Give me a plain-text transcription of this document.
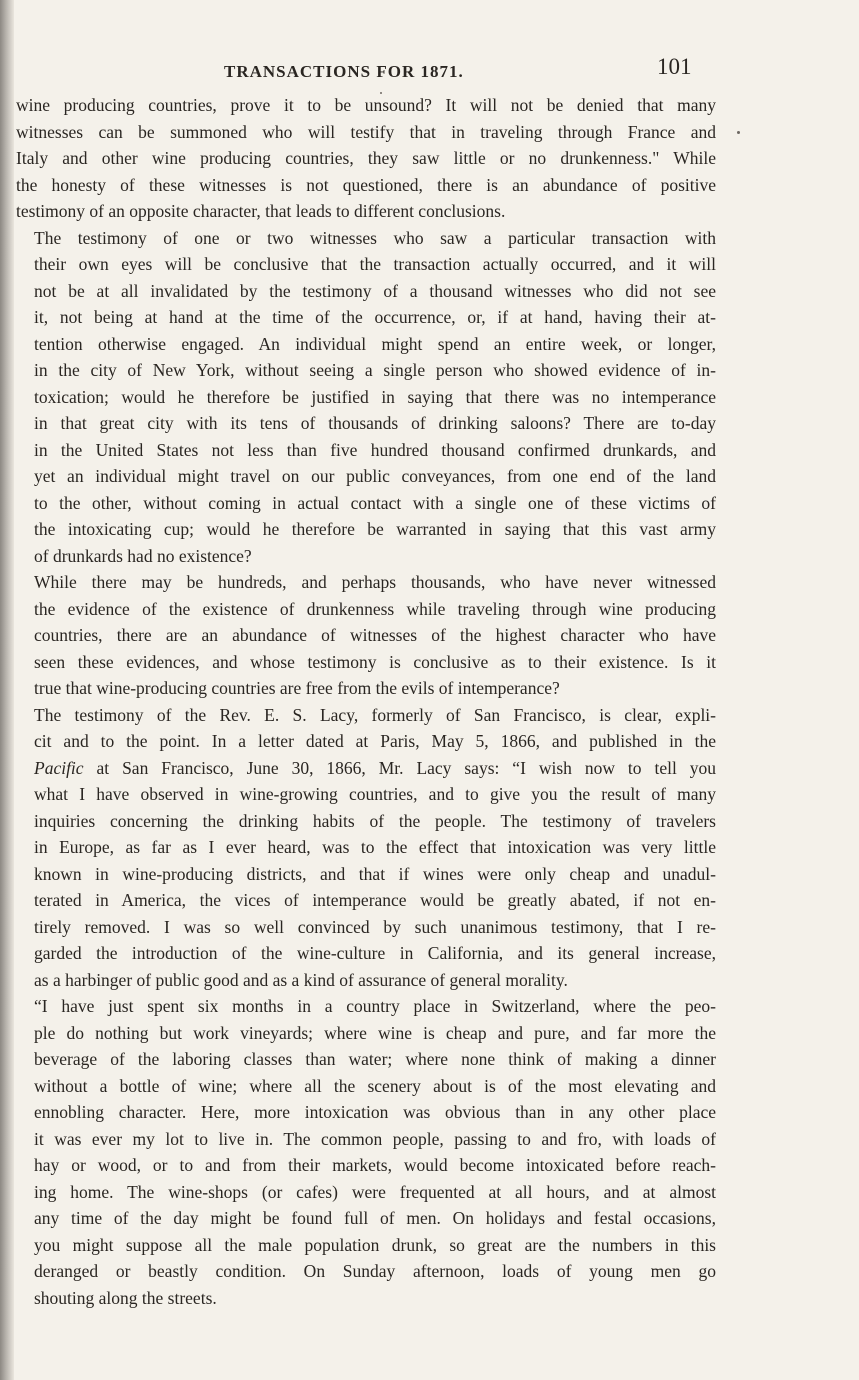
TRANSACTIONS FOR 1871.	101
wine producing countries, prove it to be unsound? It will not be denied that many
witnesses can be summoned who will testify that in traveling through France and
Italy and other wine producing countries, they saw little or no drunkenness." While
the honesty of these witnesses is not questioned, there is an abundance of positive
testimony of an opposite character, that leads to different conclusions.
The testimony of one or two witnesses who saw a particular transaction with
their own eyes will be conclusive that the transaction actually occurred, and it will
not be at all invalidated by the testimony of a thousand witnesses who did not see
it, not being at hand at the time of the occurrence, or, if at hand, having their at-
tention otherwise engaged. An individual might spend an entire week, or longer,
in the city of New York, without seeing a single person who showed evidence of in-
toxication; would he therefore be justified in saying that there was no intemperance
in that great city with its tens of thousands of drinking saloons? There are to-day
in the United States not less than five hundred thousand confirmed drunkards, and
yet an individual might travel on our public conveyances, from one end of the land
to the other, without coming in actual contact with a single one of these victims of
the intoxicating cup; would he therefore be warranted in saying that this vast army
of drunkards had no existence?
While there may be hundreds, and perhaps thousands, who have never witnessed
the evidence of the existence of drunkenness while traveling through wine producing
countries, there are an abundance of witnesses of the highest character who have
seen these evidences, and whose testimony is conclusive as to their existence. Is it
true that wine-producing countries are free from the evils of intemperance?
The testimony of the Rev. E. S. Lacy, formerly of San Francisco, is clear, expli-
cit and to the point. In a letter dated at Paris, May 5, 1866, and published in the
Pacific at San Francisco, June 30, 1866, Mr. Lacy says: “I wish now to tell you
what I have observed in wine-growing countries, and to give you the result of many
inquiries concerning the drinking habits of the people. The testimony of travelers
in Europe, as far as I ever heard, was to the effect that intoxication was very little
known in wine-producing districts, and that if wines were only cheap and unadul-
terated in America, the vices of intemperance would be greatly abated, if not en-
tirely removed. I was so well convinced by such unanimous testimony, that I re-
garded the introduction of the wine-culture in California, and its general increase,
as a harbinger of public good and as a kind of assurance of general morality.
“I have just spent six months in a country place in Switzerland, where the peo-
ple do nothing but work vineyards; where wine is cheap and pure, and far more the
beverage of the laboring classes than water; where none think of making a dinner
without a bottle of wine; where all the scenery about is of the most elevating and
ennobling character. Here, more intoxication was obvious than in any other place
it was ever my lot to live in. The common people, passing to and fro, with loads of
hay or wood, or to and from their markets, would become intoxicated before reach-
ing home. The wine-shops (or cafes) were frequented at all hours, and at almost
any time of the day might be found full of men. On holidays and festal occasions,
you might suppose all the male population drunk, so great are the numbers in this
deranged or beastly condition. On Sunday afternoon, loads of young men go
shouting along the streets.
